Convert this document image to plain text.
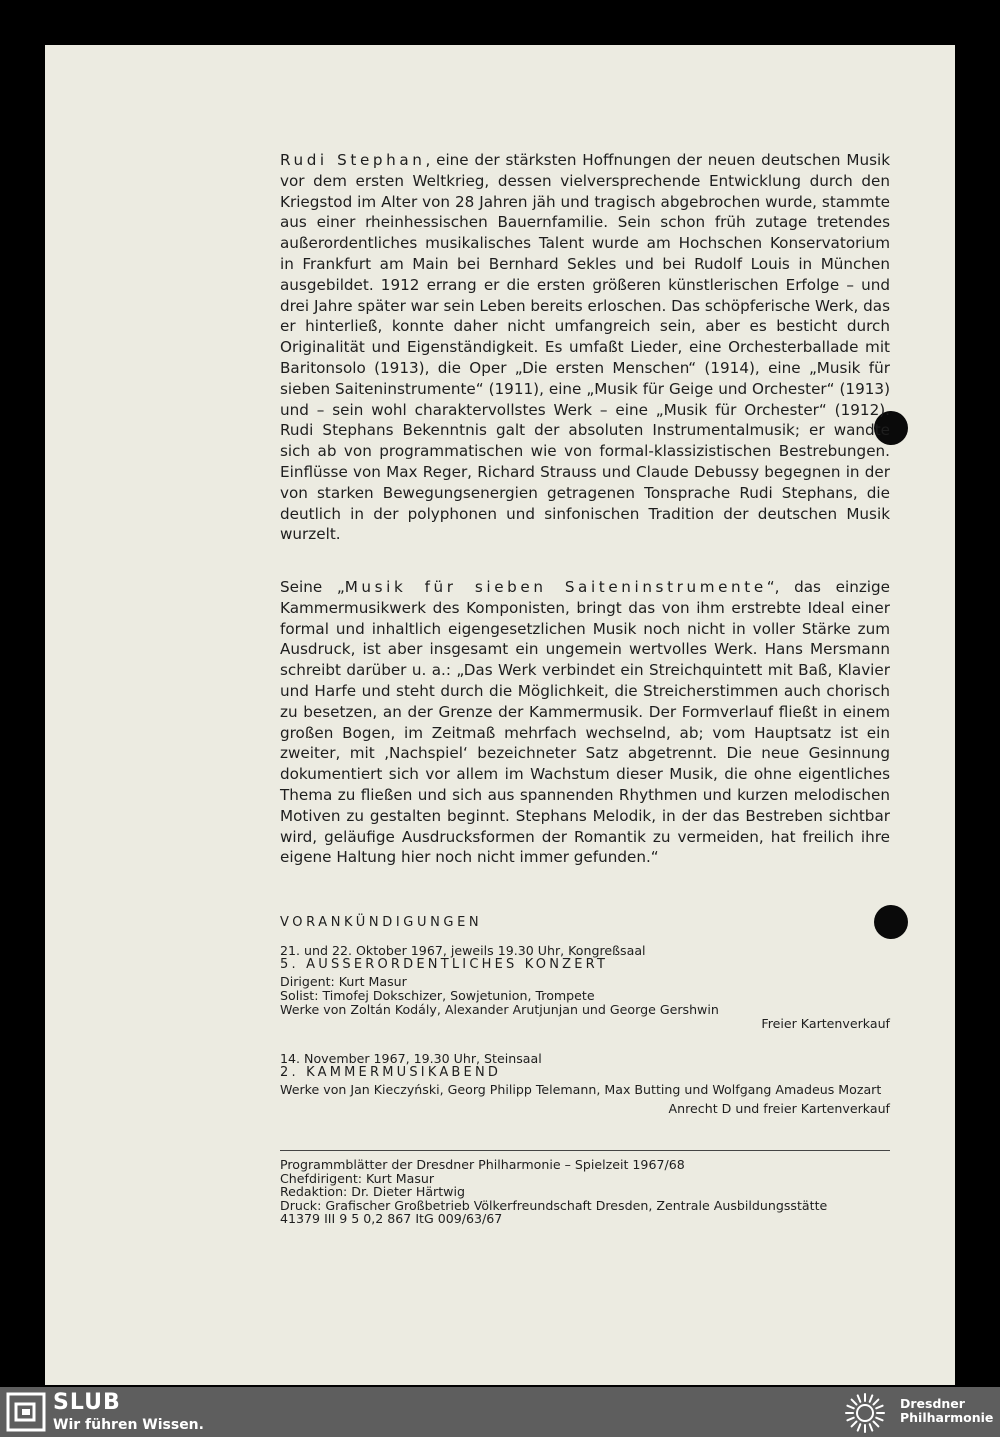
Rudi Stephan, eine der stärksten Hoffnungen der neuen deutschen Musik vor dem ersten Weltkrieg, dessen vielversprechende Entwicklung durch den Kriegstod im Alter von 28 Jahren jäh und tragisch abgebrochen wurde, stammte aus einer rheinhessischen Bauernfamilie. Sein schon früh zutage tretendes außerordentliches musikalisches Talent wurde am Hochschen Konservatorium in Frankfurt am Main bei Bernhard Sekles und bei Rudolf Louis in München ausgebildet. 1912 errang er die ersten größeren künstlerischen Erfolge – und drei Jahre später war sein Leben bereits erloschen. Das schöpferische Werk, das er hinterließ, konnte daher nicht umfangreich sein, aber es besticht durch Originalität und Eigenständigkeit. Es umfaßt Lieder, eine Orchesterballade mit Baritonsolo (1913), die Oper „Die ersten Menschen“ (1914), eine „Musik für sieben Saiteninstrumente“ (1911), eine „Musik für Geige und Orchester“ (1913) und – sein wohl charaktervollstes Werk – eine „Musik für Orchester“ (1912). Rudi Stephans Bekenntnis galt der absoluten Instrumentalmusik; er wandte sich ab von programmatischen wie von formal-klassizistischen Bestrebungen. Einflüsse von Max Reger, Richard Strauss und Claude Debussy begegnen in der von starken Bewegungsenergien getragenen Tonsprache Rudi Stephans, die deutlich in der polyphonen und sinfonischen Tradition der deutschen Musik wurzelt.

Seine „Musik für sieben Saiteninstrumente“, das einzige Kammermusikwerk des Komponisten, bringt das von ihm erstrebte Ideal einer formal und inhaltlich eigengesetzlichen Musik noch nicht in voller Stärke zum Ausdruck, ist aber insgesamt ein ungemein wertvolles Werk. Hans Mersmann schreibt darüber u. a.: „Das Werk verbindet ein Streichquintett mit Baß, Klavier und Harfe und steht durch die Möglichkeit, die Streicherstimmen auch chorisch zu besetzen, an der Grenze der Kammermusik. Der Formverlauf fließt in einem großen Bogen, im Zeitmaß mehrfach wechselnd, ab; vom Hauptsatz ist ein zweiter, mit ‚Nachspiel‘ bezeichneter Satz abgetrennt. Die neue Gesinnung dokumentiert sich vor allem im Wachstum dieser Musik, die ohne eigentliches Thema zu fließen und sich aus spannenden Rhythmen und kurzen melodischen Motiven zu gestalten beginnt. Stephans Melodik, in der das Bestreben sichtbar wird, geläufige Ausdrucksformen der Romantik zu vermeiden, hat freilich ihre eigene Haltung hier noch nicht immer gefunden.“

VORANKÜNDIGUNGEN
21. und 22. Oktober 1967, jeweils 19.30 Uhr, Kongreßsaal
5. AUSSERORDENTLICHES KONZERT
Dirigent: Kurt Masur
Solist: Timofej Dokschizer, Sowjetunion, Trompete
Werke von Zoltán Kodály, Alexander Arutjunjan und George Gershwin
Freier Kartenverkauf
14. November 1967, 19.30 Uhr, Steinsaal
2. KAMMERMUSIKABEND
Werke von Jan Kieczyński, Georg Philipp Telemann, Max Butting und Wolfgang Amadeus Mozart
Anrecht D und freier Kartenverkauf
Programmblätter der Dresdner Philharmonie – Spielzeit 1967/68
Chefdirigent: Kurt Masur
Redaktion: Dr. Dieter Härtwig
Druck: Grafischer Großbetrieb Völkerfreundschaft Dresden, Zentrale Ausbildungsstätte
41379 III 9 5 0,2 867 ItG 009/63/67
SLUB
Wir führen Wissen.
Dresdner
Philharmonie
